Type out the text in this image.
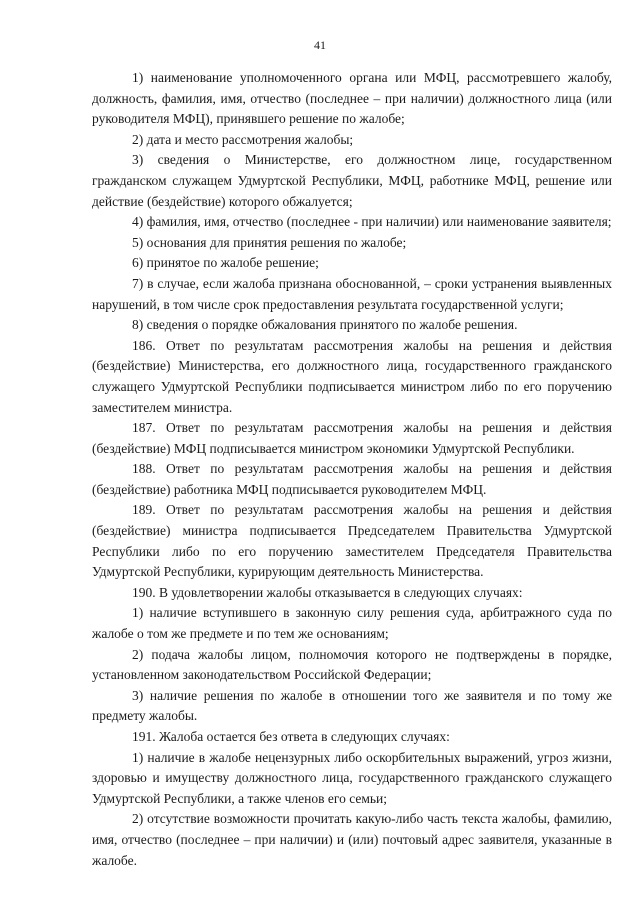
41

1) наименование уполномоченного органа или МФЦ, рассмотревшего жалобу, должность, фамилия, имя, отчество (последнее – при наличии) должностного лица (или руководителя МФЦ), принявшего решение по жалобе;

2) дата и место рассмотрения жалобы;

3) сведения о Министерстве, его должностном лице, государственном гражданском служащем Удмуртской Республики, МФЦ, работнике МФЦ, решение или действие (бездействие) которого обжалуется;

4) фамилия, имя, отчество (последнее - при наличии) или наименование заявителя;

5) основания для принятия решения по жалобе;

6) принятое по жалобе решение;

7) в случае, если жалоба признана обоснованной, – сроки устранения выявленных нарушений, в том числе срок предоставления результата государственной услуги;

8) сведения о порядке обжалования принятого по жалобе решения.

186. Ответ по результатам рассмотрения жалобы на решения и действия (бездействие) Министерства, его должностного лица, государственного гражданского служащего Удмуртской Республики подписывается министром либо по его поручению заместителем министра.

187. Ответ по результатам рассмотрения жалобы на решения и действия (бездействие) МФЦ подписывается министром экономики Удмуртской Республики.

188. Ответ по результатам рассмотрения жалобы на решения и действия (бездействие) работника МФЦ подписывается руководителем МФЦ.

189. Ответ по результатам рассмотрения жалобы на решения и действия (бездействие) министра подписывается Председателем Правительства Удмуртской Республики либо по его поручению заместителем Председателя Правительства Удмуртской Республики, курирующим деятельность Министерства.

190. В удовлетворении жалобы отказывается в следующих случаях:

1) наличие вступившего в законную силу решения суда, арбитражного суда по жалобе о том же предмете и по тем же основаниям;

2) подача жалобы лицом, полномочия которого не подтверждены в порядке, установленном законодательством Российской Федерации;

3) наличие решения по жалобе в отношении того же заявителя и по тому же предмету жалобы.

191. Жалоба остается без ответа в следующих случаях:

1) наличие в жалобе нецензурных либо оскорбительных выражений, угроз жизни, здоровью и имуществу должностного лица, государственного гражданского служащего Удмуртской Республики, а также членов его семьи;

2) отсутствие возможности прочитать какую-либо часть текста жалобы, фамилию, имя, отчество (последнее – при наличии) и (или) почтовый адрес заявителя, указанные в жалобе.
